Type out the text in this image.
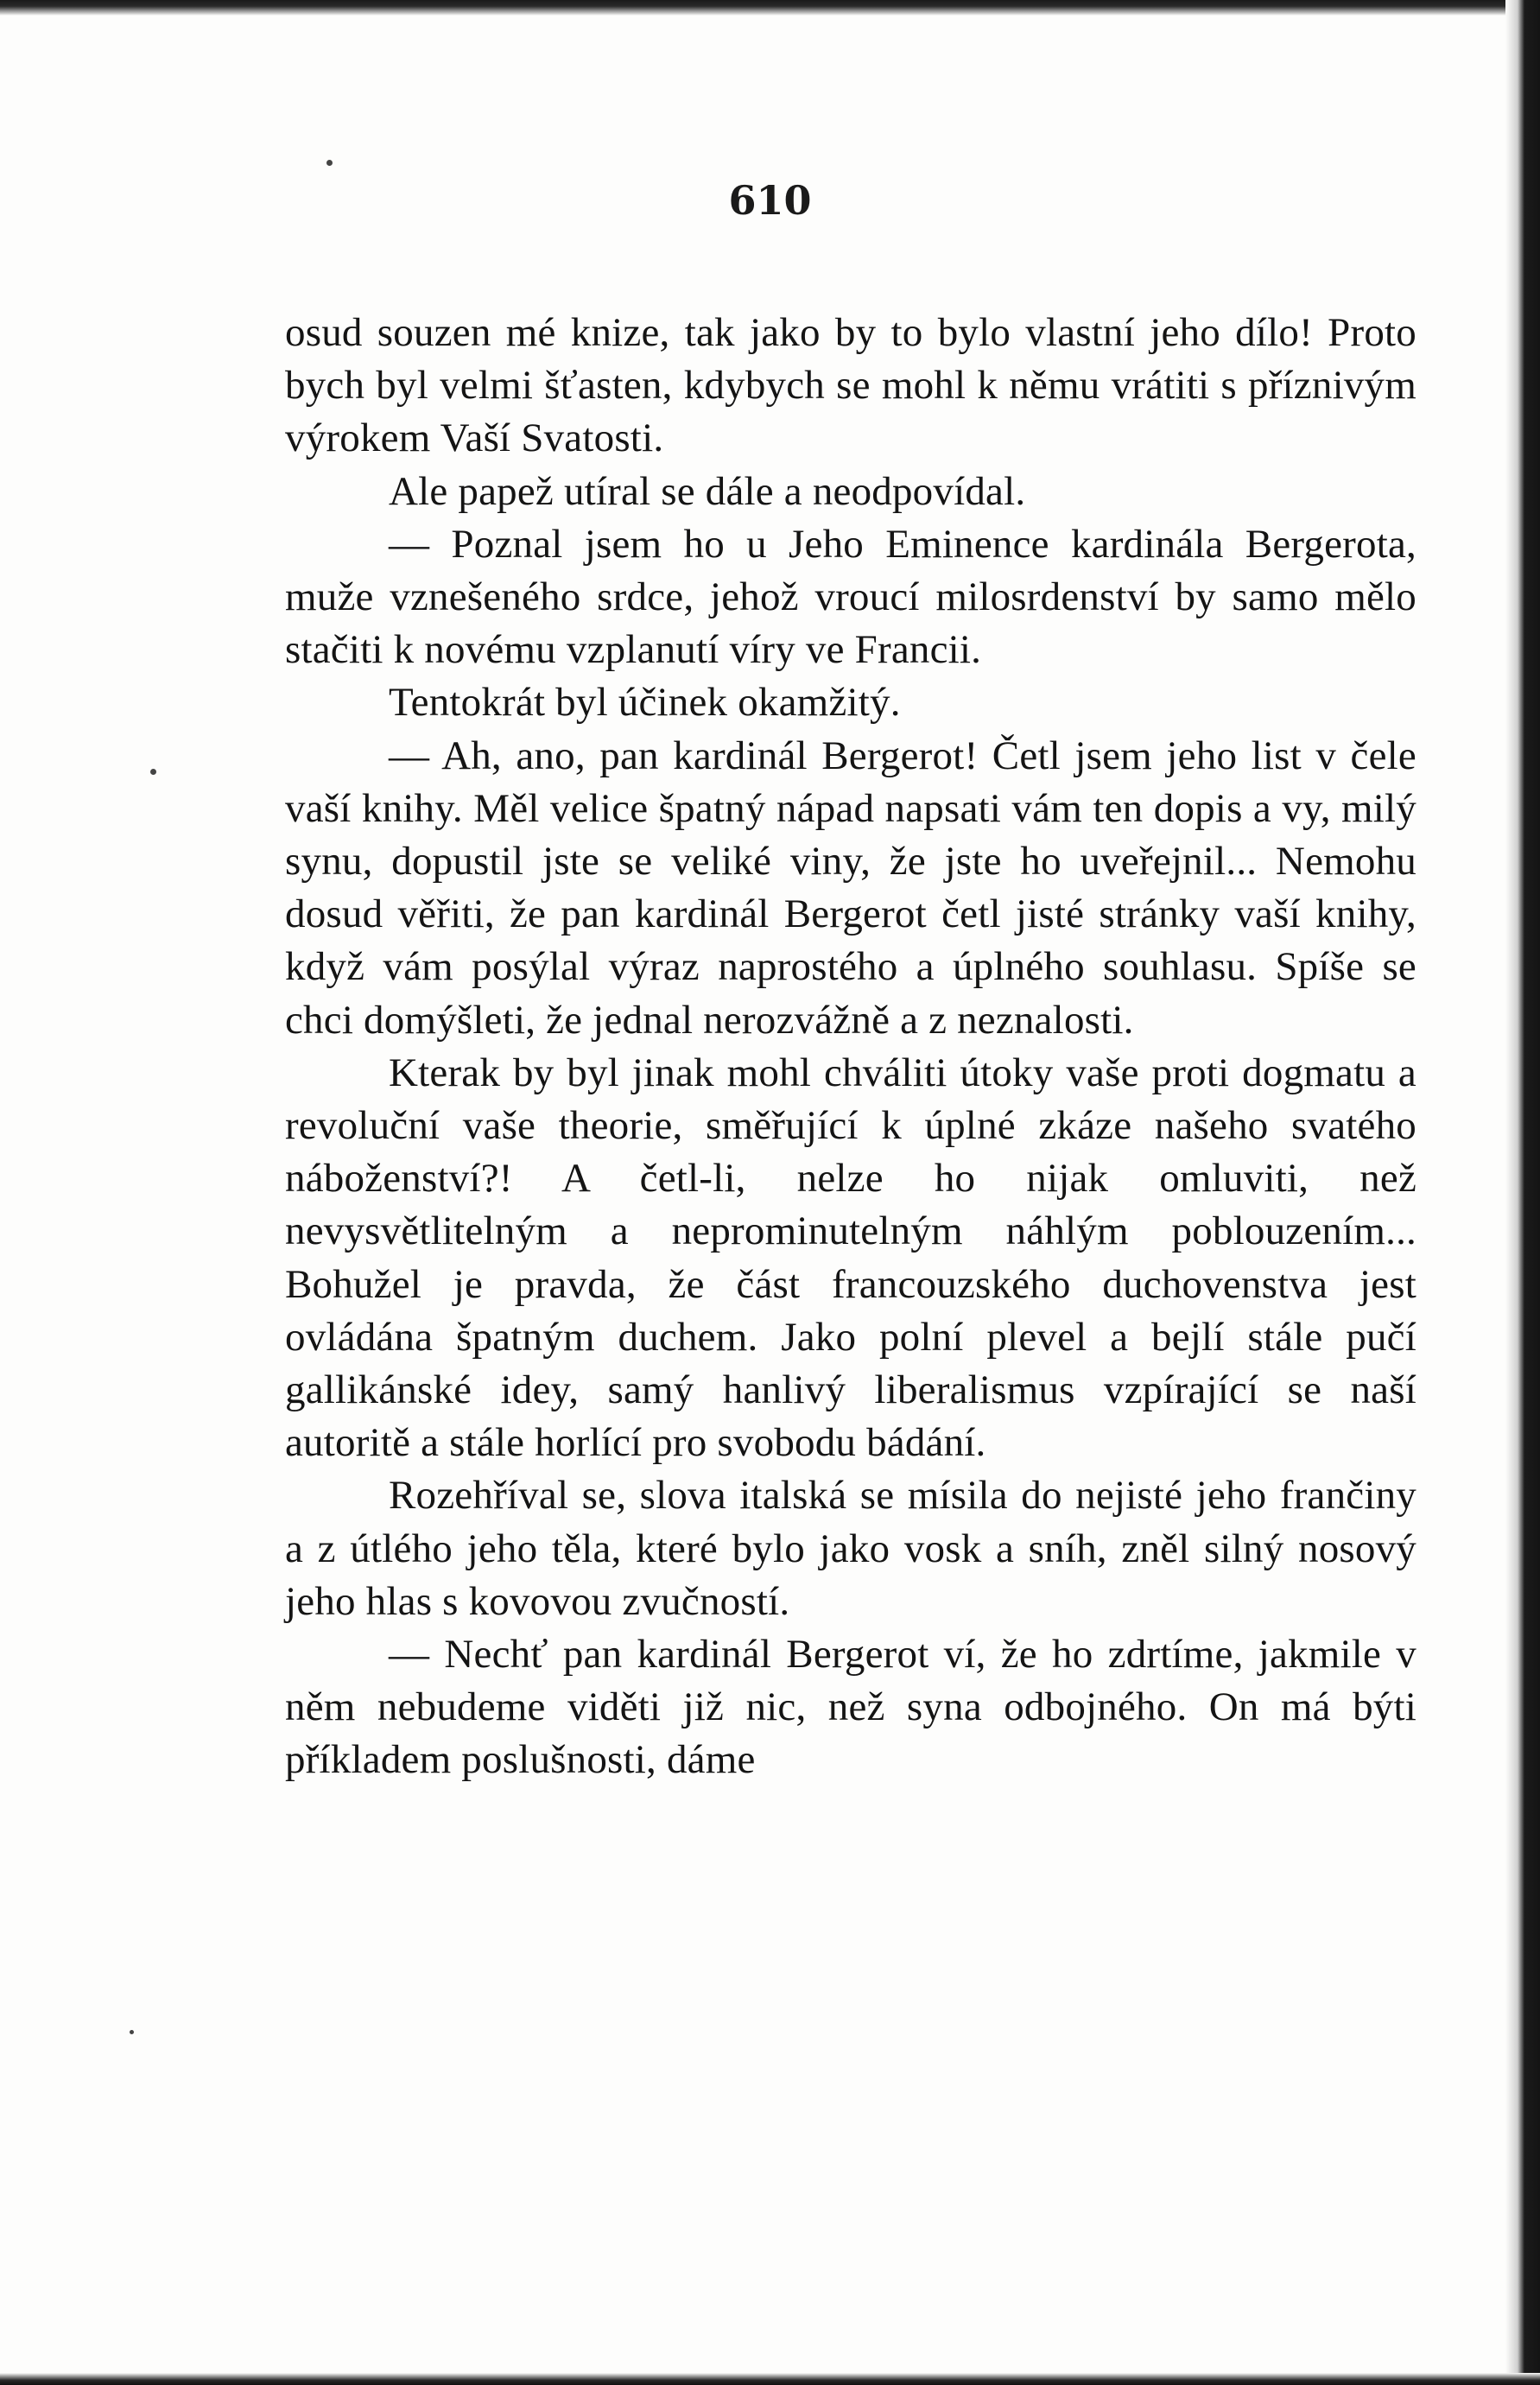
610

osud souzen mé knize, tak jako by to bylo vlastní jeho dílo! Proto bych byl velmi šťasten, kdybych se mohl k němu vrátiti s příznivým výrokem Vaší Svatosti.

Ale papež utíral se dále a neodpovídal.

— Poznal jsem ho u Jeho Eminence kardinála Bergerota, muže vznešeného srdce, jehož vroucí milosrdenství by samo mělo stačiti k novému vzplanutí víry ve Francii.

Tentokrát byl účinek okamžitý.

— Ah, ano, pan kardinál Bergerot! Četl jsem jeho list v čele vaší knihy. Měl velice špatný nápad napsati vám ten dopis a vy, milý synu, dopustil jste se veliké viny, že jste ho uveřejnil... Nemohu dosud věřiti, že pan kardinál Bergerot četl jisté stránky vaší knihy, když vám posýlal výraz naprostého a úplného souhlasu. Spíše se chci domýšleti, že jednal nerozvážně a z neznalosti.

Kterak by byl jinak mohl chváliti útoky vaše proti dogmatu a revoluční vaše theorie, směřující k úplné zkáze našeho svatého náboženství?! A četl-li, nelze ho nijak omluviti, než nevysvětlitelným a neprominutelným náhlým poblouzením... Bohužel je pravda, že část francouzského duchovenstva jest ovládána špatným duchem. Jako polní plevel a bejlí stále pučí gallikánské idey, samý hanlivý liberalismus vzpírající se naší autoritě a stále horlící pro svobodu bádání.

Rozehříval se, slova italská se mísila do nejisté jeho frančiny a z útlého jeho těla, které bylo jako vosk a sníh, zněl silný nosový jeho hlas s kovovou zvučností.

— Nechť pan kardinál Bergerot ví, že ho zdrtíme, jakmile v něm nebudeme viděti již nic, než syna odbojného. On má býti příkladem poslušnosti, dáme
